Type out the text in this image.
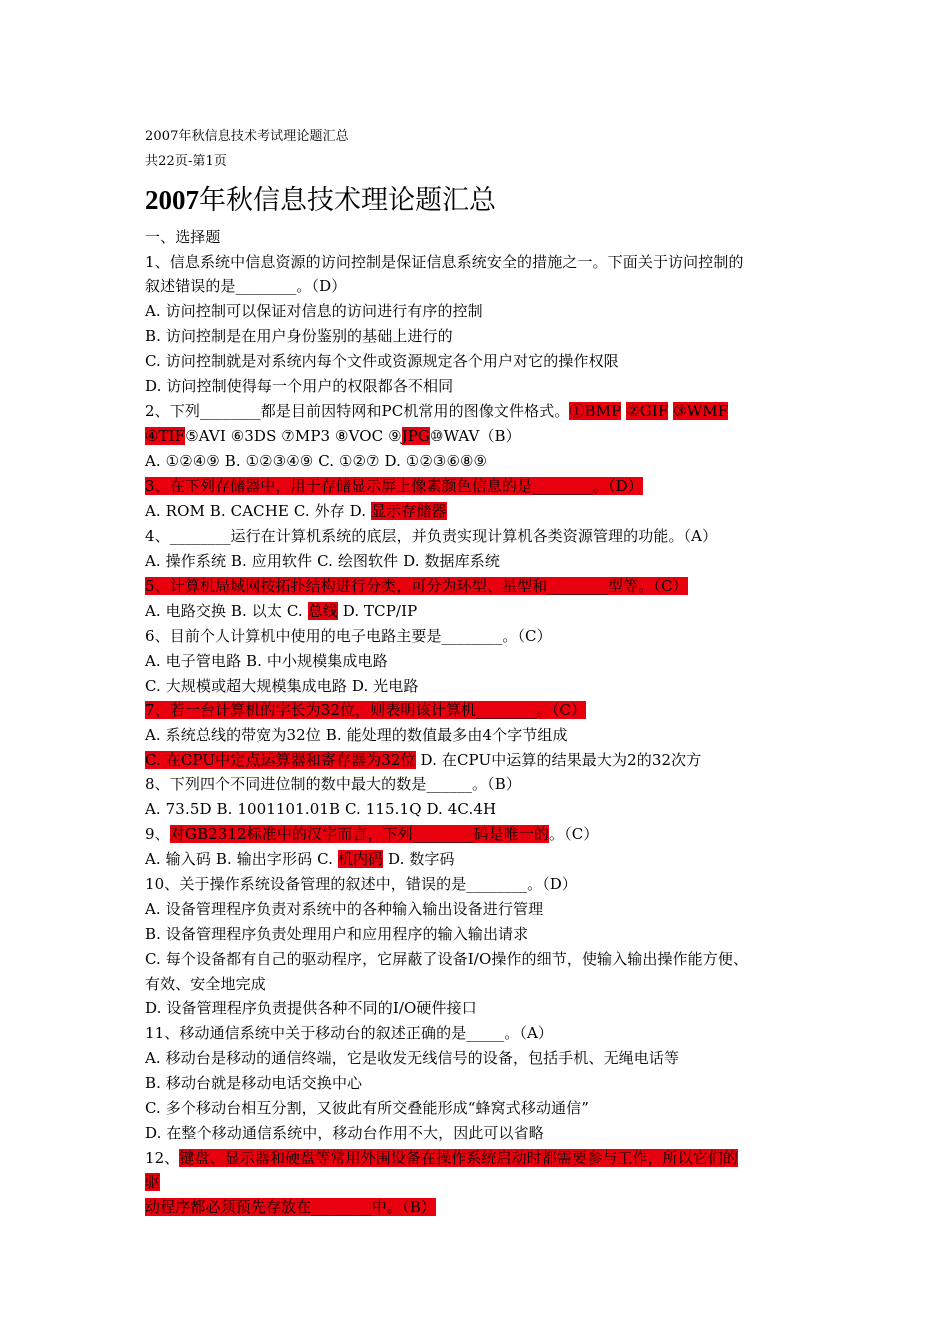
2007年秋信息技术考试理论题汇总

共22页-第1页

2007年秋信息技术理论题汇总

一、选择题

1、信息系统中信息资源的访问控制是保证信息系统安全的措施之一。下面关于访问控制的

叙述错误的是________。（D）

A. 访问控制可以保证对信息的访问进行有序的控制

B. 访问控制是在用户身份鉴别的基础上进行的

C. 访问控制就是对系统内每个文件或资源规定各个用户对它的操作权限

D. 访问控制使得每一个用户的权限都各不相同

2、下列________都是目前因特网和PC机常用的图像文件格式。①BMP ②GIF ③WMF

④TIF⑤AVI ⑥3DS ⑦MP3 ⑧VOC ⑨JPG⑩WAV（B）

A. ①②④⑨ B. ①②③④⑨ C. ①②⑦ D. ①②③⑥⑧⑨

3、在下列存储器中，用于存储显示屏上像素颜色信息的是________。（D）

A. ROM B. CACHE C. 外存 D. 显示存储器

4、________运行在计算机系统的底层，并负责实现计算机各类资源管理的功能。（A）

A. 操作系统 B. 应用软件 C. 绘图软件 D. 数据库系统

5、计算机局域网按拓扑结构进行分类，可分为环型、星型和________型等。（C）

A. 电路交换 B. 以太 C. 总线 D. TCP/IP

6、目前个人计算机中使用的电子电路主要是________。（C）

A. 电子管电路 B. 中小规模集成电路

C. 大规模或超大规模集成电路 D. 光电路

7、若一台计算机的字长为32位，则表明该计算机________。（C）

A. 系统总线的带宽为32位 B. 能处理的数值最多由4个字节组成

C. 在CPU中定点运算器和寄存器为32位 D. 在CPU中运算的结果最大为2的32次方

8、下列四个不同进位制的数中最大的数是______。（B）

A. 73.5D B. 1001101.01B C. 115.1Q D. 4C.4H

9、对GB2312标准中的汉字而言，下列________码是唯一的。（C）

A. 输入码 B. 输出字形码 C. 机内码 D. 数字码

10、关于操作系统设备管理的叙述中，错误的是________。（D）

A. 设备管理程序负责对系统中的各种输入输出设备进行管理

B. 设备管理程序负责处理用户和应用程序的输入输出请求

C. 每个设备都有自己的驱动程序，它屏蔽了设备I/O操作的细节，使输入输出操作能方便、

有效、安全地完成

D. 设备管理程序负责提供各种不同的I/O硬件接口

11、移动通信系统中关于移动台的叙述正确的是_____。（A）

A. 移动台是移动的通信终端，它是收发无线信号的设备，包括手机、无绳电话等

B. 移动台就是移动电话交换中心

C. 多个移动台相互分割，又彼此有所交叠能形成“蜂窝式移动通信”

D. 在整个移动通信系统中，移动台作用不大，因此可以省略

12、键盘、显示器和硬盘等常用外围设备在操作系统启动时都需要参与工作，所以它们的

驱

动程序都必须预先存放在________中。（B）
